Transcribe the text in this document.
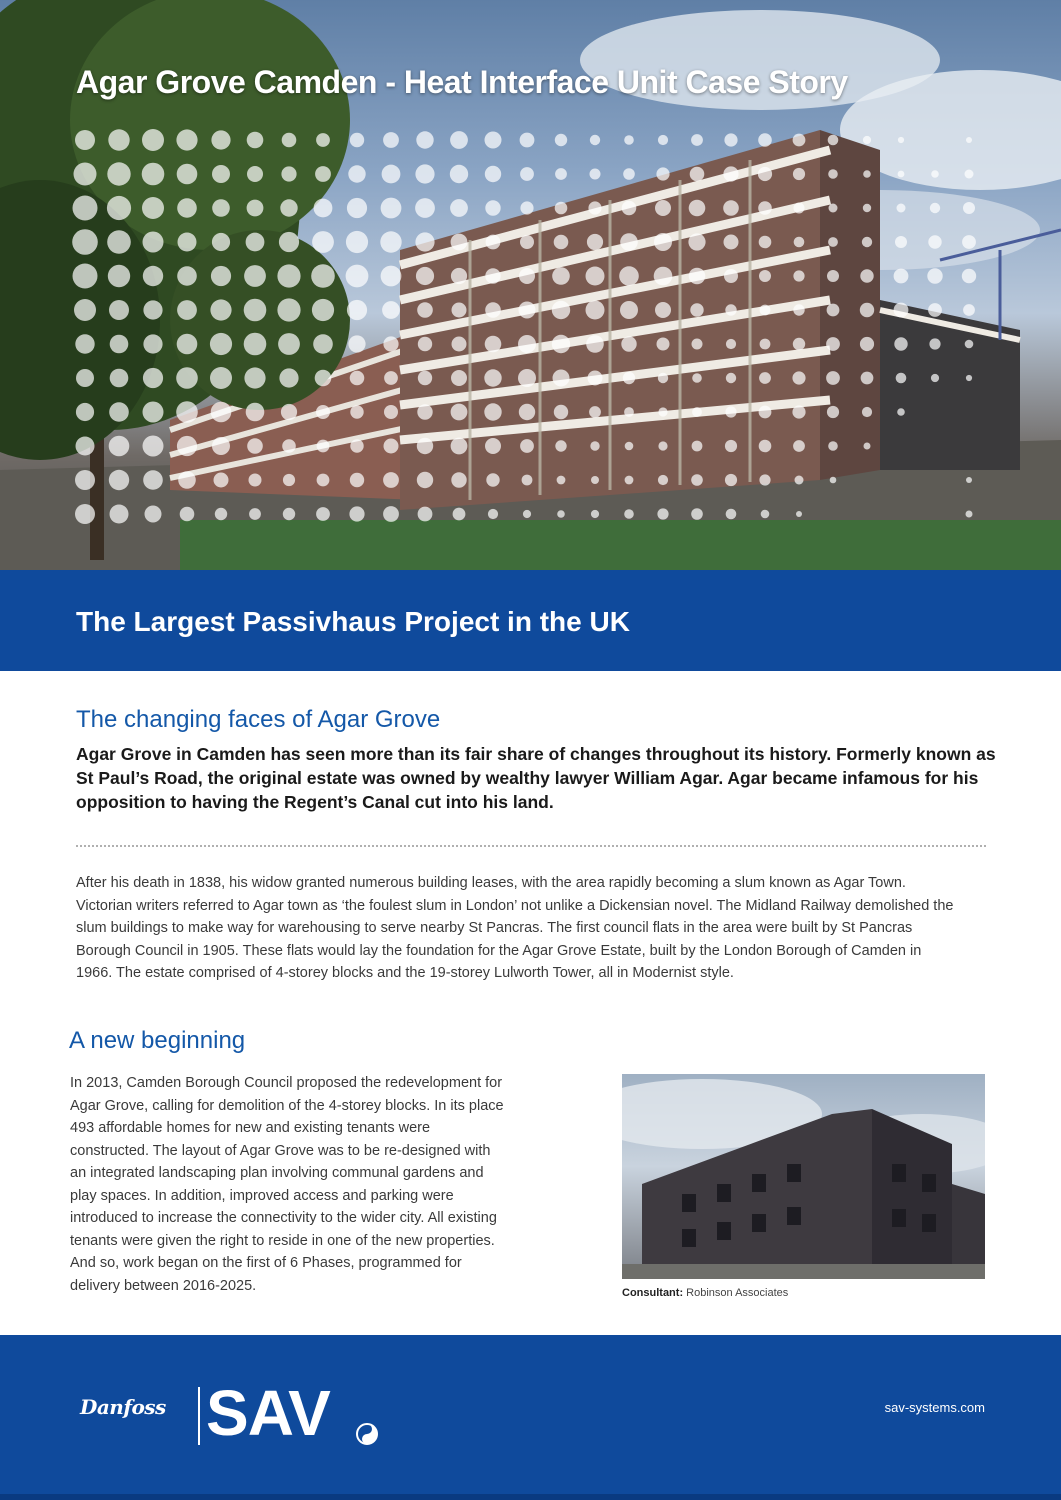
Agar Grove Camden - Heat Interface Unit Case Story
The Largest Passivhaus Project in the UK
The changing faces of Agar Grove

Agar Grove in Camden has seen more than its fair share of changes throughout its history. Formerly known as St Paul’s Road, the original estate was owned by wealthy lawyer William Agar. Agar became infamous for his opposition to having the Regent’s Canal cut into his land.

After his death in 1838, his widow granted numerous building leases, with the area rapidly becoming a slum known as Agar Town. Victorian writers referred to Agar town as ‘the foulest slum in London’ not unlike a Dickensian novel. The Midland Railway demolished the slum buildings to make way for warehousing to serve nearby St Pancras. The first council flats in the area were built by St Pancras Borough Council in 1905. These flats would lay the foundation for the Agar Grove Estate, built by the London Borough of Camden in 1966. The estate comprised of 4-storey blocks and the 19-storey Lulworth Tower, all in Modernist style.

A new beginning

In 2013, Camden Borough Council proposed the redevelopment for Agar Grove, calling for demolition of the 4-storey blocks. In its place 493 affordable homes for new and existing tenants were constructed. The layout of Agar Grove was to be re-designed with an integrated landscaping plan involving communal gardens and play spaces. In addition, improved access and parking were introduced to increase the connectivity to the wider city. All existing tenants were given the right to reside in one of the new properties. And so, work began on the first of 6 Phases, programmed for delivery between 2016-2025.	Consultant: Robinson Associates

Danfoss SAV	sav-systems.com
